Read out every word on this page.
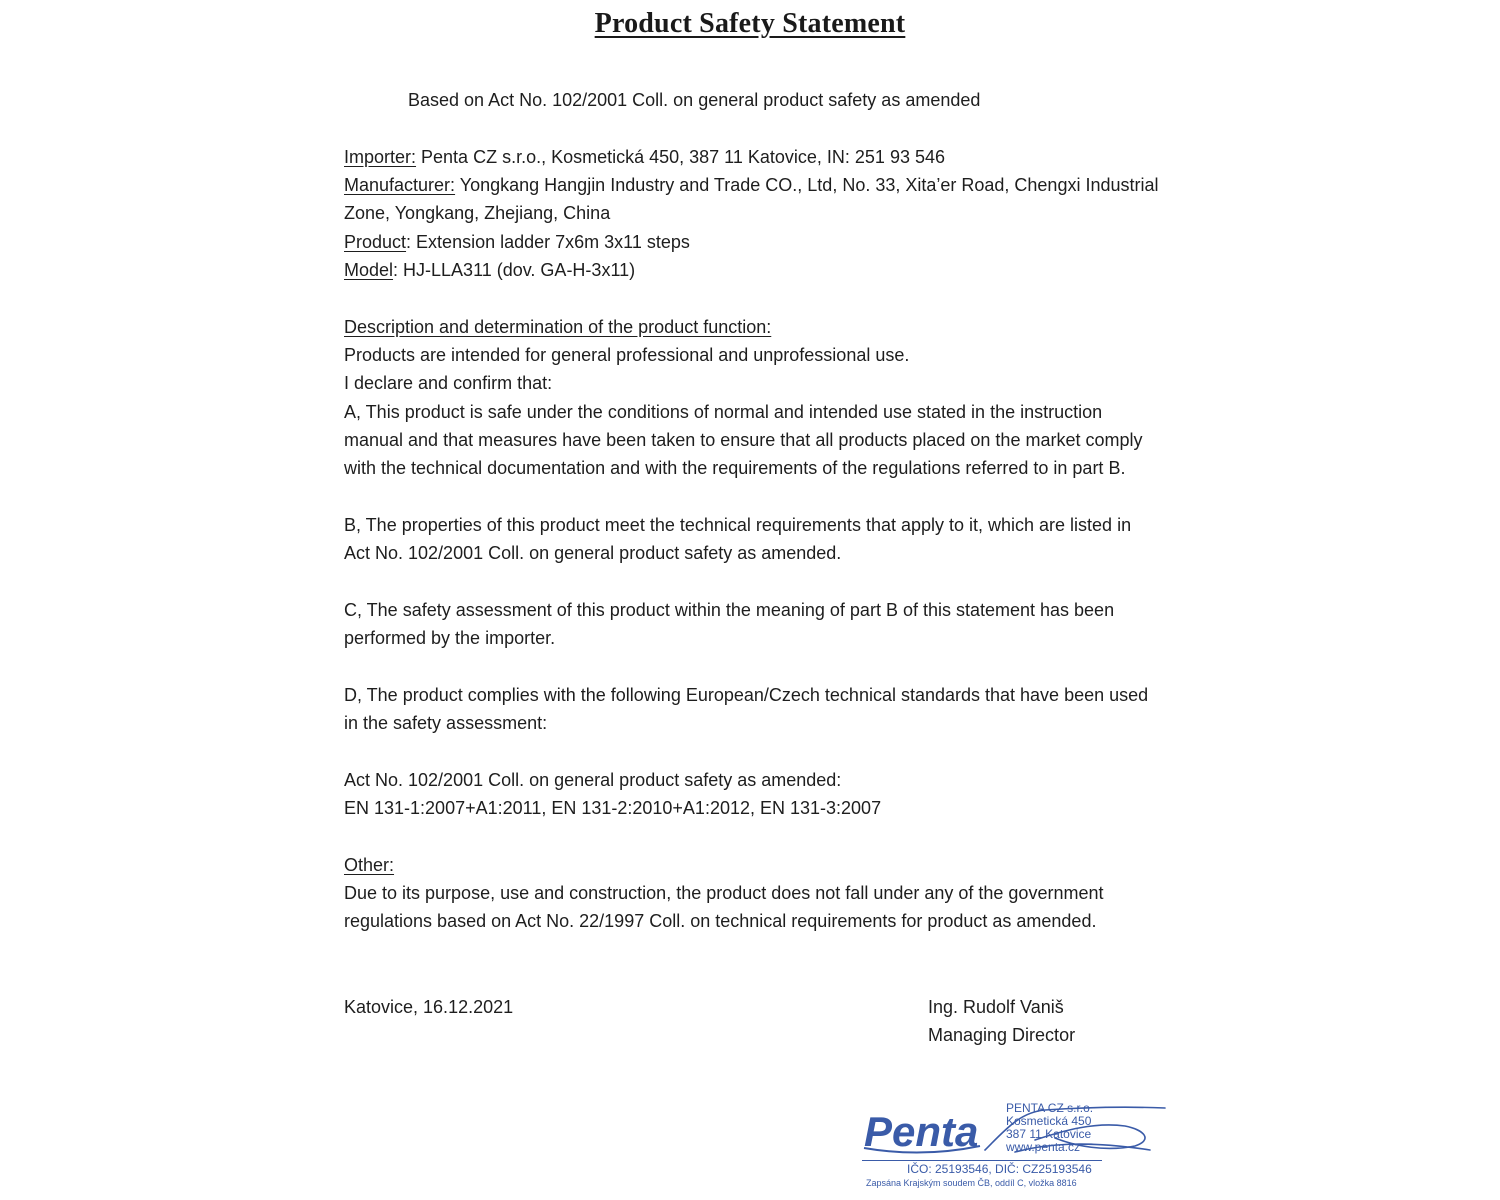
Product Safety Statement
Based on Act No. 102/2001 Coll. on general product safety as amended
Importer: Penta CZ s.r.o., Kosmetická 450, 387 11 Katovice, IN: 251 93 546
Manufacturer: Yongkang Hangjin Industry and Trade CO., Ltd, No. 33, Xita’er Road, Chengxi Industrial
Zone, Yongkang, Zhejiang, China
Product: Extension ladder 7x6m 3x11 steps
Model: HJ-LLA311 (dov. GA-H-3x11)
Description and determination of the product function:
Products are intended for general professional and unprofessional use.
I declare and confirm that:
A, This product is safe under the conditions of normal and intended use stated in the instruction
manual and that measures have been taken to ensure that all products placed on the market comply
with the technical documentation and with the requirements of the regulations referred to in part B.
B, The properties of this product meet the technical requirements that apply to it, which are listed in
Act No. 102/2001 Coll. on general product safety as amended.
C, The safety assessment of this product within the meaning of part B of this statement has been
performed by the importer.
D, The product complies with the following European/Czech technical standards that have been used
in the safety assessment:
Act No. 102/2001 Coll. on general product safety as amended:
EN 131-1:2007+A1:2011, EN 131-2:2010+A1:2012, EN 131-3:2007
Other:
Due to its purpose, use and construction, the product does not fall under any of the government
regulations based on Act No. 22/1997 Coll. on technical requirements for product as amended.
Katovice, 16.12.2021	Ing. Rudolf Vaniš
Managing Director
Penta PENTA CZ s.r.o.
Kosmetická 450
387 11 Katovice
www.penta.cz
IČO: 25193546, DIČ: CZ25193546
Zapsána Krajským soudem ČB, oddíl C, vložka 8816
